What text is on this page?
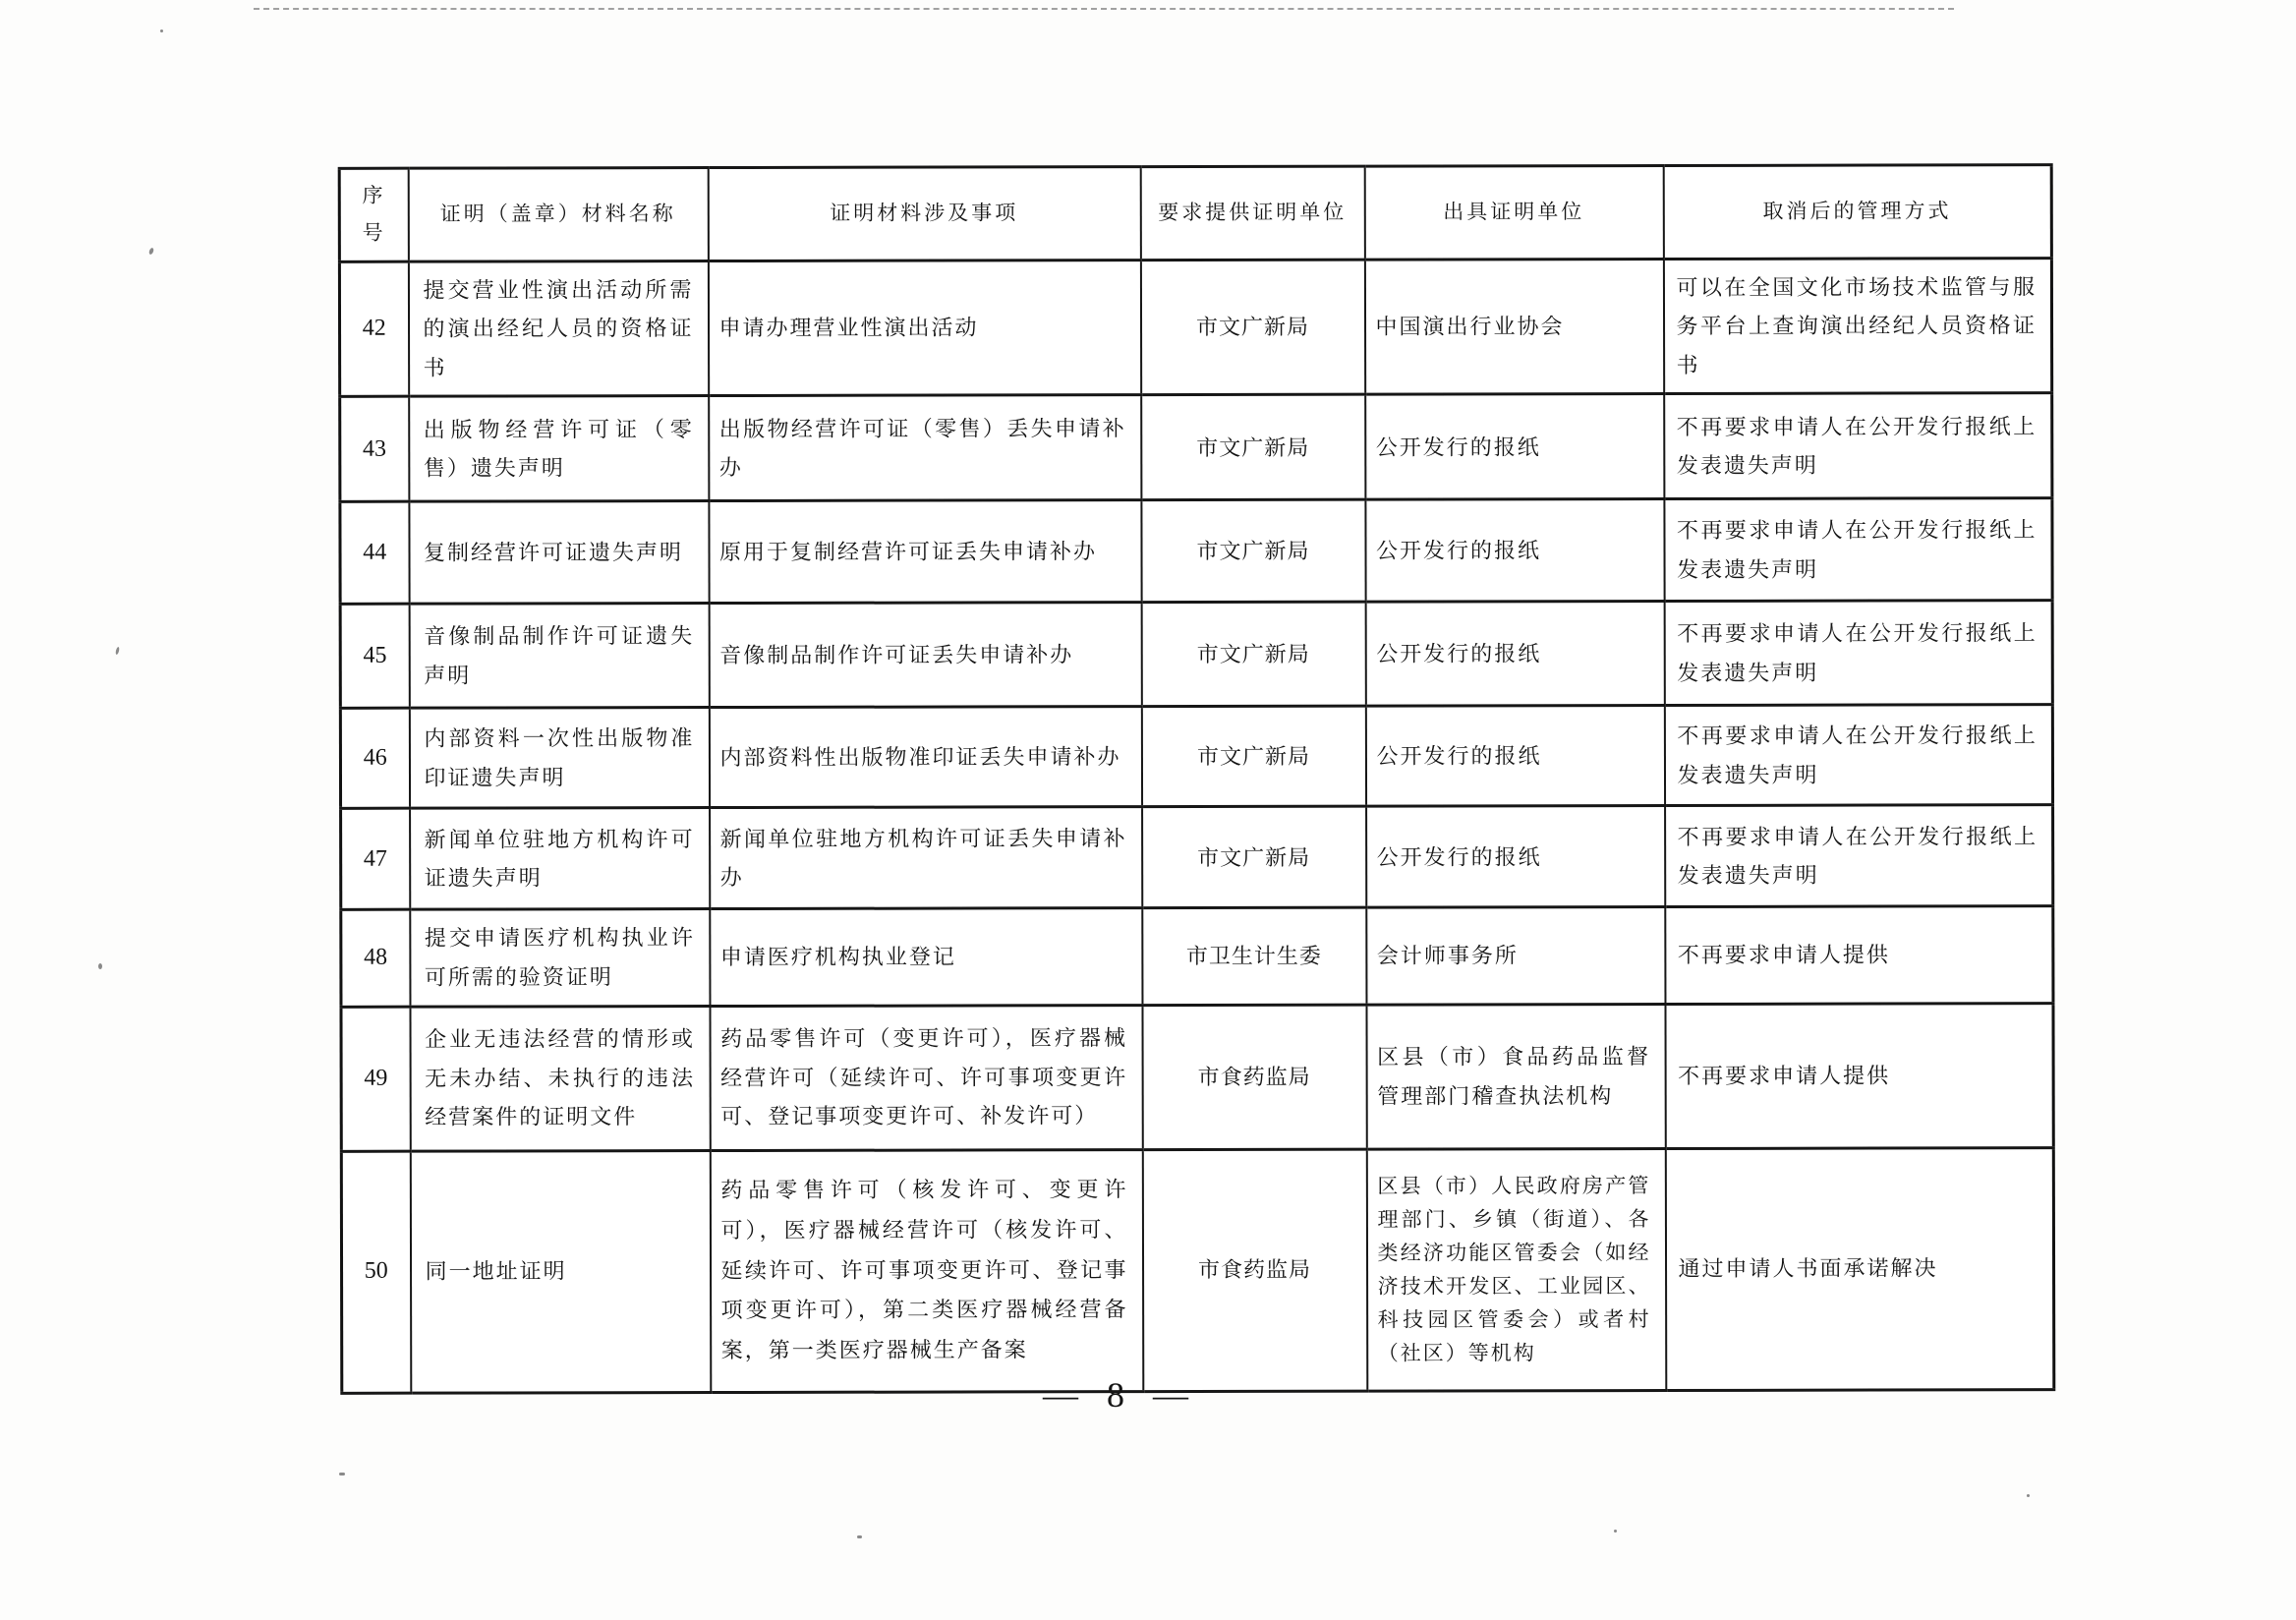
序号	证明（盖章）材料名称	证明材料涉及事项	要求提供证明单位	出具证明单位	取消后的管理方式
42	提交营业性演出活动所需的演出经纪人员的资格证书	申请办理营业性演出活动	市文广新局	中国演出行业协会	可以在全国文化市场技术监管与服务平台上查询演出经纪人员资格证书
43	出版物经营许可证（零售）遗失声明	出版物经营许可证（零售）丢失申请补办	市文广新局	公开发行的报纸	不再要求申请人在公开发行报纸上发表遗失声明
44	复制经营许可证遗失声明	原用于复制经营许可证丢失申请补办	市文广新局	公开发行的报纸	不再要求申请人在公开发行报纸上发表遗失声明
45	音像制品制作许可证遗失声明	音像制品制作许可证丢失申请补办	市文广新局	公开发行的报纸	不再要求申请人在公开发行报纸上发表遗失声明
46	内部资料一次性出版物准印证遗失声明	内部资料性出版物准印证丢失申请补办	市文广新局	公开发行的报纸	不再要求申请人在公开发行报纸上发表遗失声明
47	新闻单位驻地方机构许可证遗失声明	新闻单位驻地方机构许可证丢失申请补办	市文广新局	公开发行的报纸	不再要求申请人在公开发行报纸上发表遗失声明
48	提交申请医疗机构执业许可所需的验资证明	申请医疗机构执业登记	市卫生计生委	会计师事务所	不再要求申请人提供
49	企业无违法经营的情形或无未办结、未执行的违法经营案件的证明文件	药品零售许可（变更许可），医疗器械经营许可（延续许可、许可事项变更许可、登记事项变更许可、补发许可）	市食药监局	区县（市）食品药品监督管理部门稽查执法机构	不再要求申请人提供
50	同一地址证明	药品零售许可（核发许可、变更许可），医疗器械经营许可（核发许可、延续许可、许可事项变更许可、登记事项变更许可），第二类医疗器械经营备案，第一类医疗器械生产备案	市食药监局	区县（市）人民政府房产管理部门、乡镇（街道）、各类经济功能区管委会（如经济技术开发区、工业园区、科技园区管委会）或者村（社区）等机构	通过申请人书面承诺解决
— 8 —
